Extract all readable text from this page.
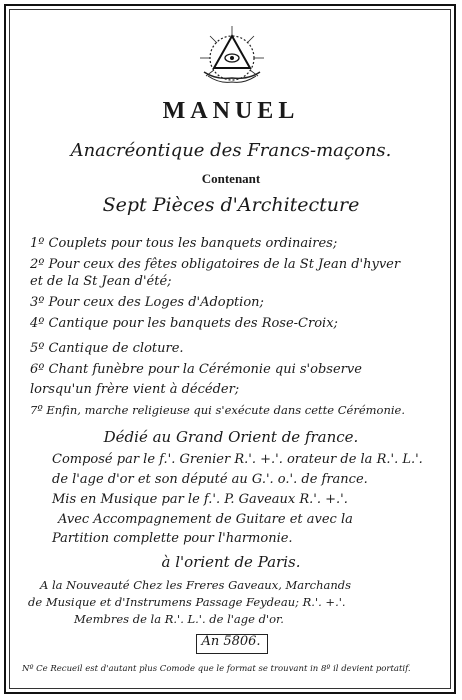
MANUEL
Anacréontique des Francs-maçons.
Contenant
Sept Pièces d'Architecture
1º Couplets pour tous les banquets ordinaires;
2º Pour ceux des fêtes obligatoires de la St Jean d'hyver
et de la St Jean d'été;
3º Pour ceux des Loges d'Adoption;
4º Cantique pour les banquets des Rose-Croix;
5º Cantique de cloture.
6º Chant funèbre pour la Cérémonie qui s'observe
lorsqu'un frère vient à décéder;
7º Enfin, marche religieuse qui s'exécute dans cette Cérémonie.
Dédié au Grand Orient de france.
Composé par le f.'. Grenier R.'. +.'. orateur de la R.'. L.'.
de l'age d'or et son député au G.'. o.'. de france.
Mis en Musique par le f.'. P. Gaveaux R.'. +.'.
Avec Accompagnement de Guitare et avec la
Partition complette pour l'harmonie.
à l'orient de Paris.
A la Nouveauté Chez les Freres Gaveaux, Marchands
de Musique et d'Instrumens Passage Feydeau; R.'. +.'.
Membres de la R.'. L.'. de l'age d'or.
An 5806.
Nº Ce Recueil est d'autant plus Comode que le format se trouvant in 8º il devient portatif.
